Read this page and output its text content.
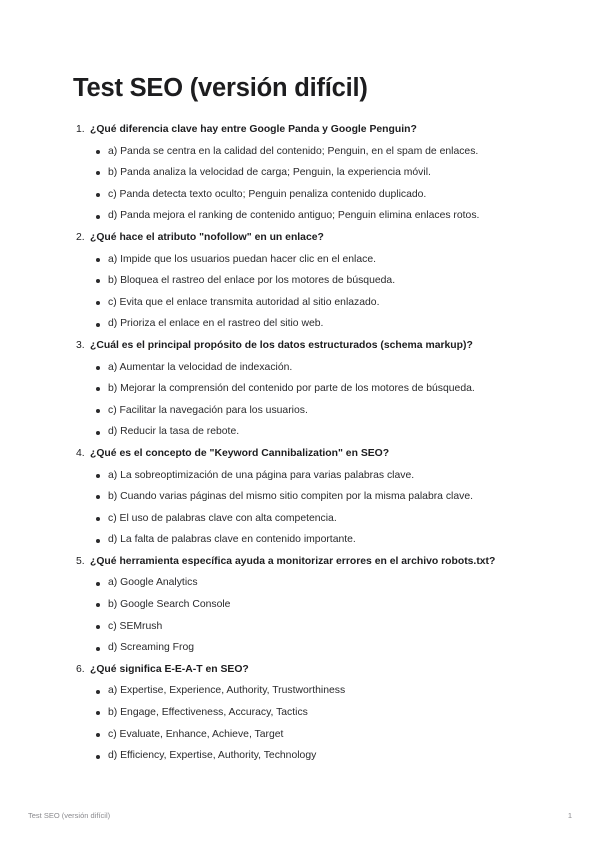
Test SEO (versión difícil)
1. ¿Qué diferencia clave hay entre Google Panda y Google Penguin?
a) Panda se centra en la calidad del contenido; Penguin, en el spam de enlaces.
b) Panda analiza la velocidad de carga; Penguin, la experiencia móvil.
c) Panda detecta texto oculto; Penguin penaliza contenido duplicado.
d) Panda mejora el ranking de contenido antiguo; Penguin elimina enlaces rotos.
2. ¿Qué hace el atributo "nofollow" en un enlace?
a) Impide que los usuarios puedan hacer clic en el enlace.
b) Bloquea el rastreo del enlace por los motores de búsqueda.
c) Evita que el enlace transmita autoridad al sitio enlazado.
d) Prioriza el enlace en el rastreo del sitio web.
3. ¿Cuál es el principal propósito de los datos estructurados (schema markup)?
a) Aumentar la velocidad de indexación.
b) Mejorar la comprensión del contenido por parte de los motores de búsqueda.
c) Facilitar la navegación para los usuarios.
d) Reducir la tasa de rebote.
4. ¿Qué es el concepto de "Keyword Cannibalization" en SEO?
a) La sobreoptimización de una página para varias palabras clave.
b) Cuando varias páginas del mismo sitio compiten por la misma palabra clave.
c) El uso de palabras clave con alta competencia.
d) La falta de palabras clave en contenido importante.
5. ¿Qué herramienta específica ayuda a monitorizar errores en el archivo robots.txt?
a) Google Analytics
b) Google Search Console
c) SEMrush
d) Screaming Frog
6. ¿Qué significa E-E-A-T en SEO?
a) Expertise, Experience, Authority, Trustworthiness
b) Engage, Effectiveness, Accuracy, Tactics
c) Evaluate, Enhance, Achieve, Target
d) Efficiency, Expertise, Authority, Technology
Test SEO (versión difícil)	1
